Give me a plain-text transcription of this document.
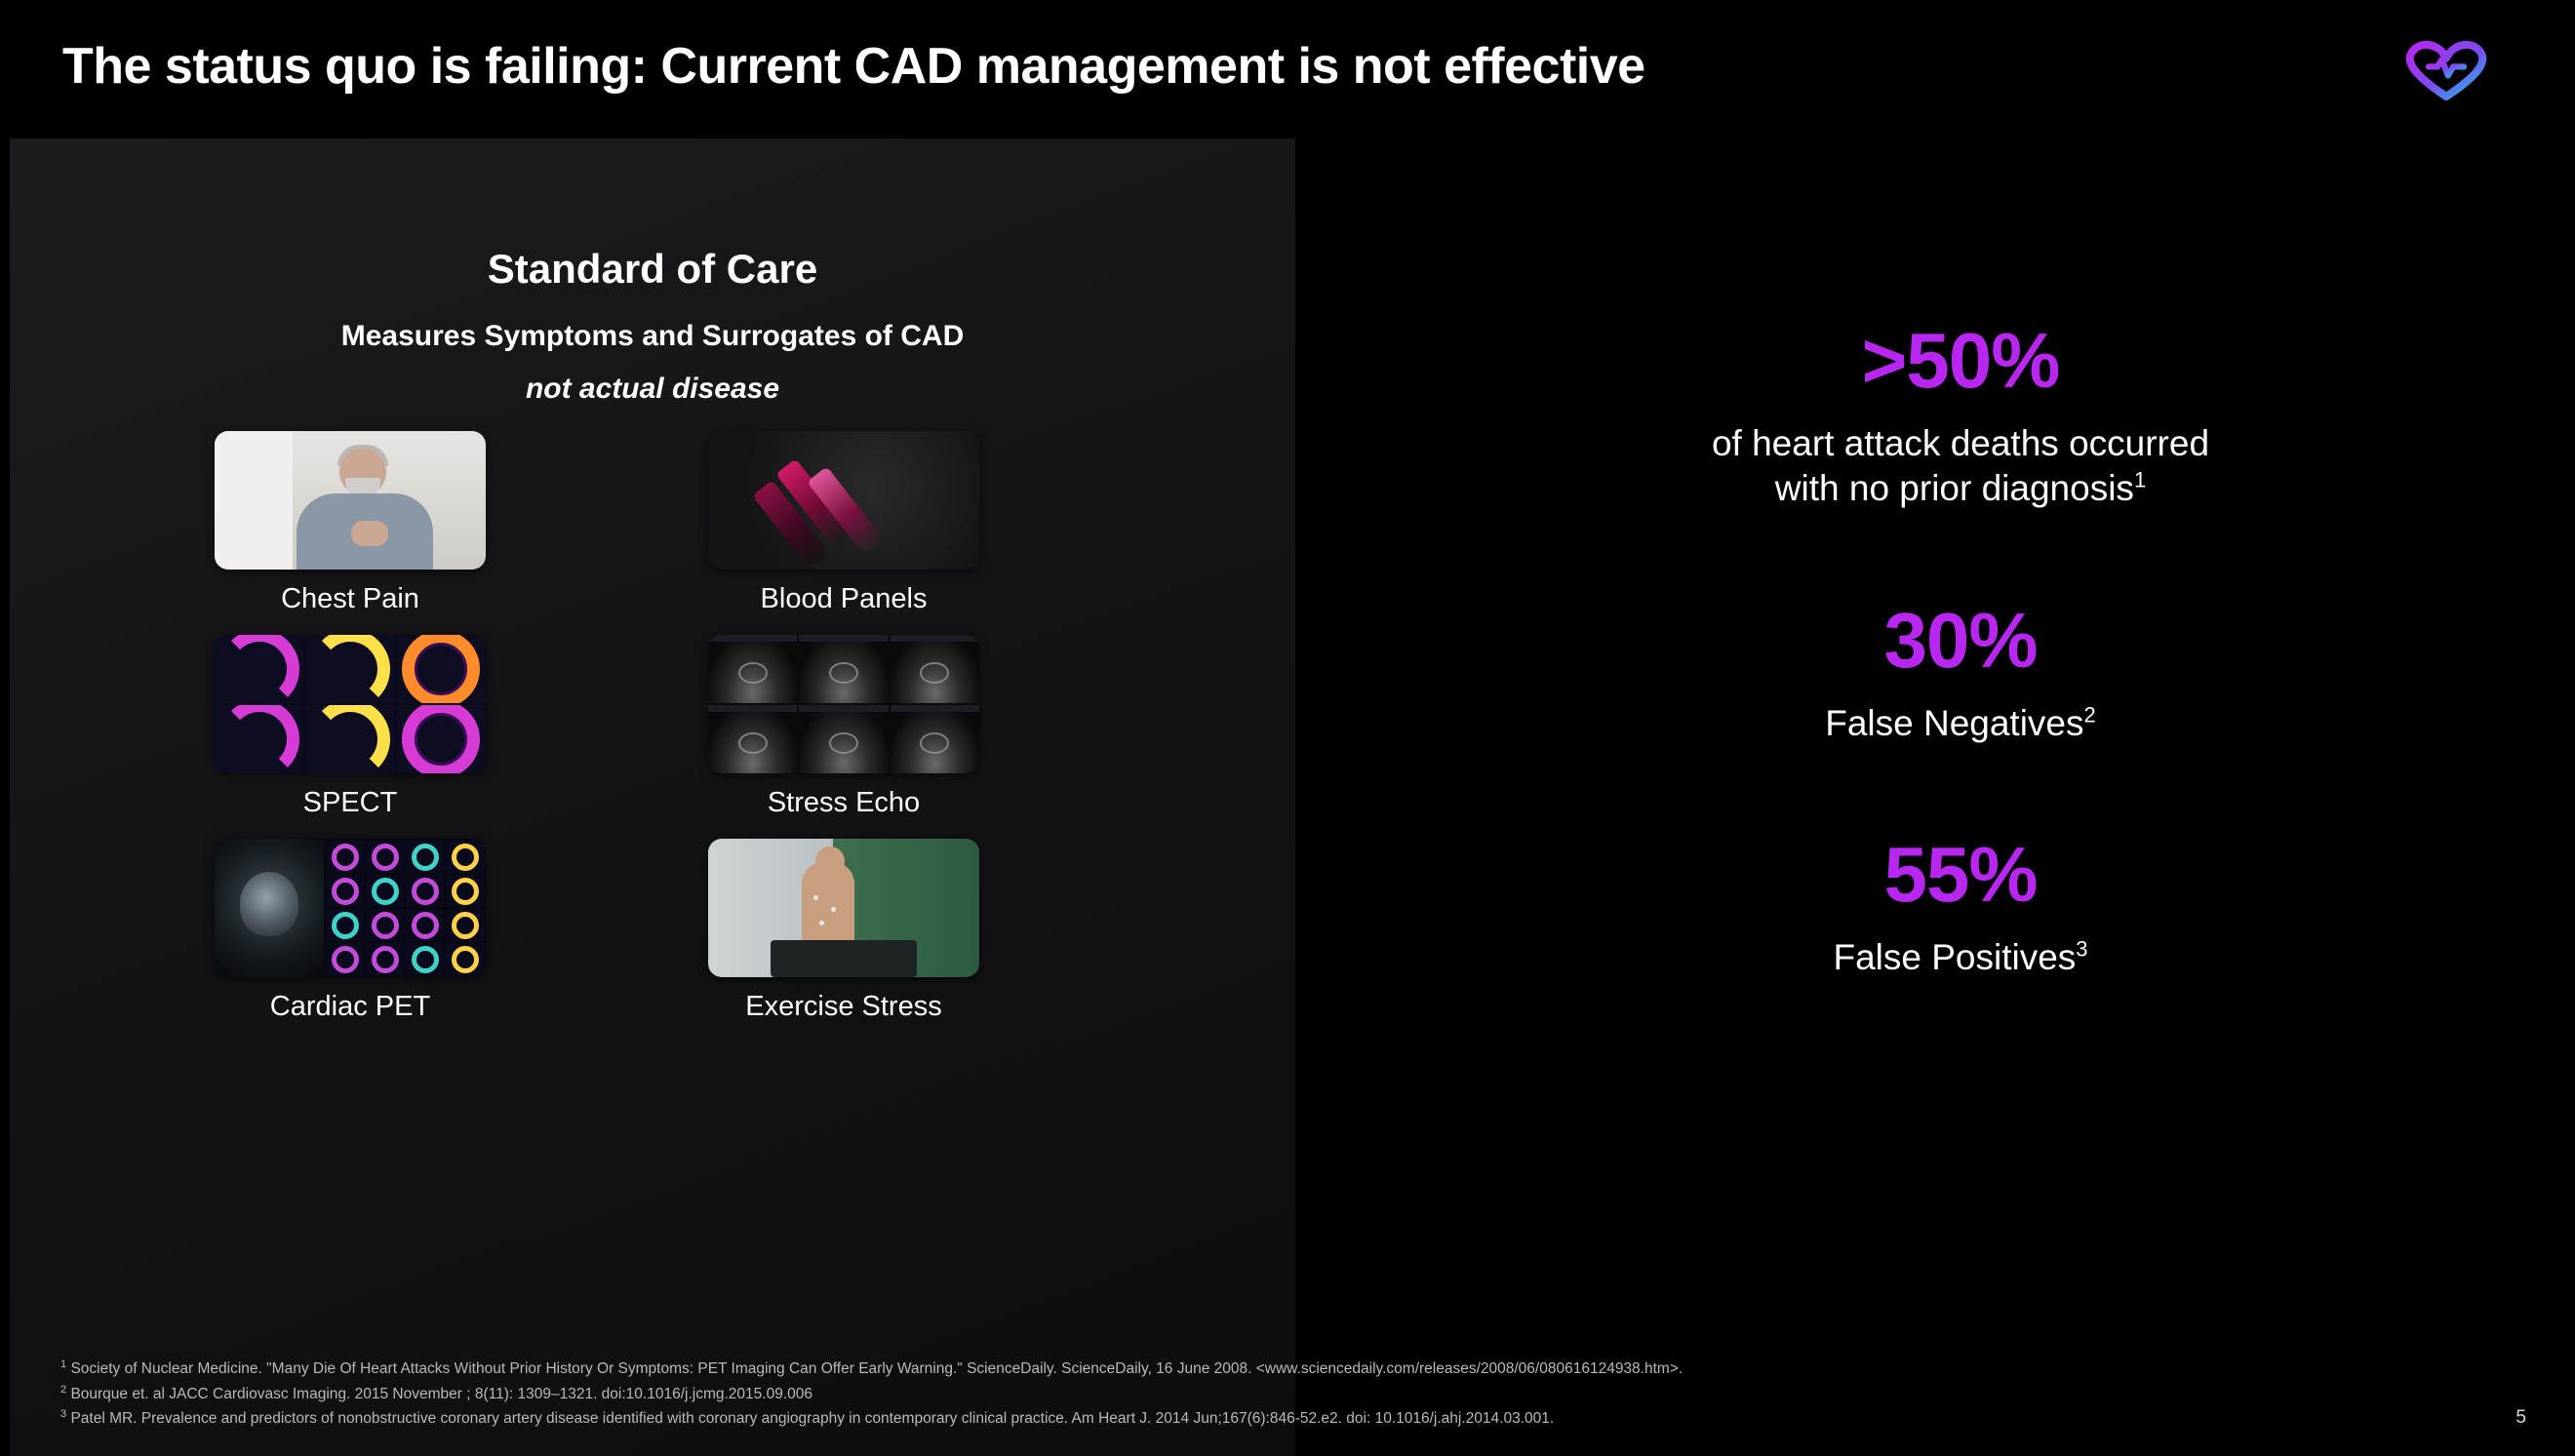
The status quo is failing: Current CAD management is not effective
Standard of Care
Measures Symptoms and Surrogates of CAD
not actual disease
Chest Pain	Blood Panels
SPECT	Stress Echo
Cardiac PET	Exercise Stress
>50%
of heart attack deaths occurred
with no prior diagnosis$^1$
30%
False Negatives$^2$
55%
False Positives$^3$
$^1$ Society of Nuclear Medicine. "Many Die Of Heart Attacks Without Prior History Or Symptoms: PET Imaging Can Offer Early Warning." ScienceDaily. ScienceDaily, 16 June 2008. <www.sciencedaily.com/releases/2008/06/080616124938.htm>.
$^2$ Bourque et. al JACC Cardiovasc Imaging. 2015 November ; 8(11): 1309–1321. doi:10.1016/j.jcmg.2015.09.006
$^3$ Patel MR. Prevalence and predictors of nonobstructive coronary artery disease identified with coronary angiography in contemporary clinical practice. Am Heart J. 2014 Jun;167(6):846-52.e2. doi: 10.1016/j.ahj.2014.03.001.	5
